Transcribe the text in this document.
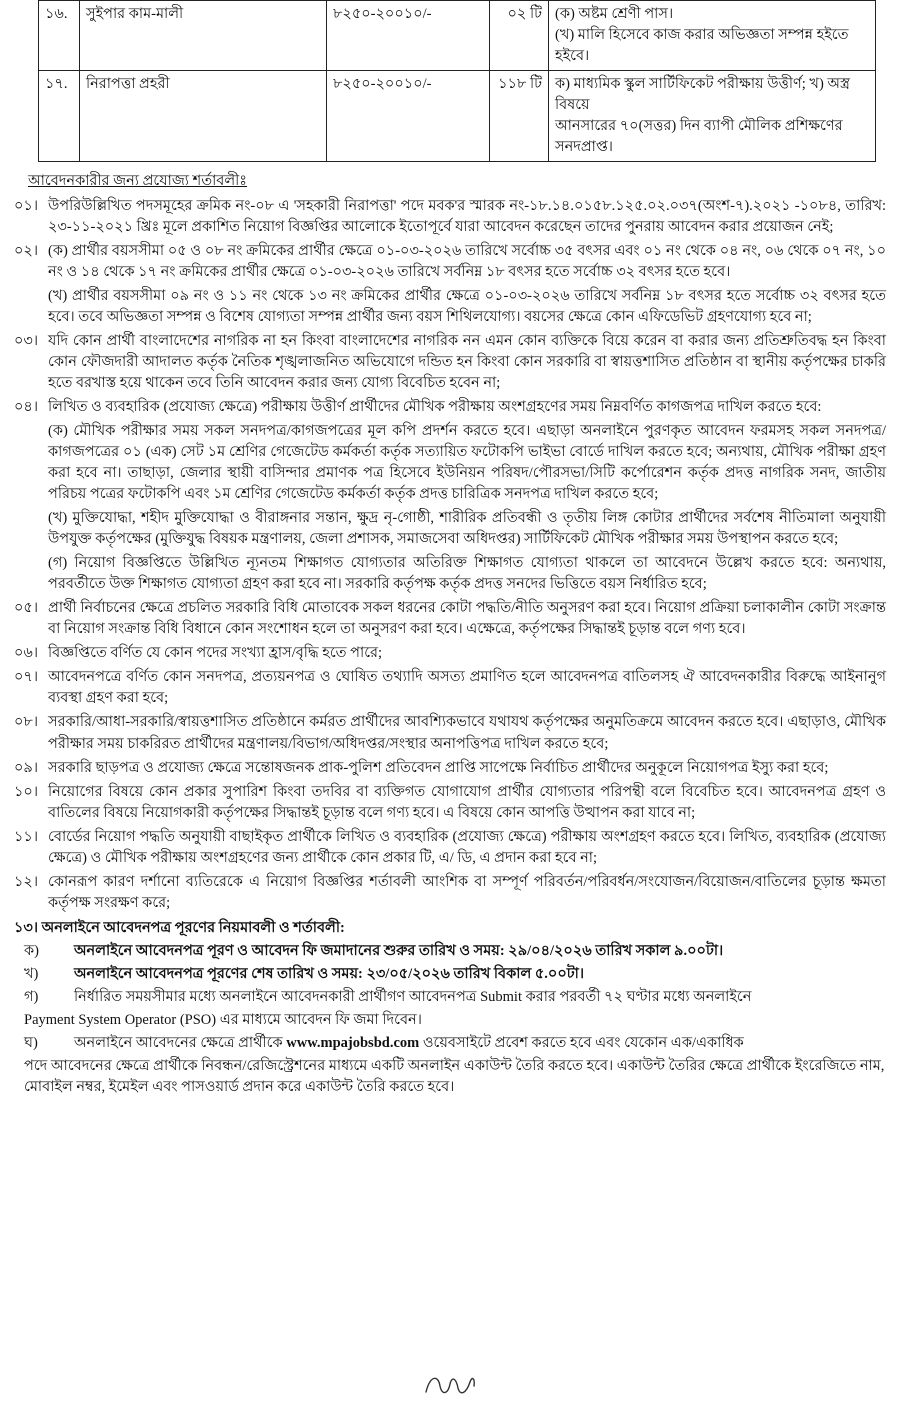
১৬.	সুইপার কাম-মালী	৮২৫০-২০০১০/-	০২ টি	(ক) অষ্টম শ্রেণী পাস।
(খ) মালি হিসেবে কাজ করার অভিজ্ঞতা সম্পন্ন হইতে হইবে।

১৭.	নিরাপত্তা প্রহরী	৮২৫০-২০০১০/-	১১৮ টি	ক) মাধ্যমিক স্কুল সার্টিফিকেট পরীক্ষায় উত্তীর্ণ; খ) অস্ত্র বিষয়ে
আনসারের ৭০(সত্তর) দিন ব্যাপী মৌলিক প্রশিক্ষণের সনদপ্রাপ্ত।
আবেদনকারীর জন্য প্রযোজ্য শর্তাবলীঃ
০১। উপরিউল্লিখিত পদসমূহের ক্রমিক নং-০৮ এ 'সহকারী নিরাপত্তা' পদে মবক'র স্মারক নং-১৮.১৪.০১৫৮.১২৫.০২.০৩৭(অংশ-৭).২০২১ -১০৮৪, তারিখ: ২৩-১১-২০২১ খ্রিঃ মূলে প্রকাশিত নিয়োগ বিজ্ঞপ্তির আলোকে ইতোপূর্বে যারা আবেদন করেছেন তাদের পুনরায় আবেদন করার প্রয়োজন নেই;
০২। (ক) প্রার্থীর বয়সসীমা ০৫ ও ০৮ নং ক্রমিকের প্রার্থীর ক্ষেত্রে ০১-০৩-২০২৬ তারিখে সর্বোচ্চ ৩৫ বৎসর এবং ০১ নং থেকে ০৪ নং, ০৬ থেকে ০৭ নং, ১০ নং ও ১৪ থেকে ১৭ নং ক্রমিকের প্রার্থীর ক্ষেত্রে ০১-০৩-২০২৬ তারিখে সর্বনিম্ন ১৮ বৎসর হতে সর্বোচ্চ ৩২ বৎসর হতে হবে।
(খ) প্রার্থীর বয়সসীমা ০৯ নং ও ১১ নং থেকে ১৩ নং ক্রমিকের প্রার্থীর ক্ষেত্রে ০১-০৩-২০২৬ তারিখে সর্বনিম্ন ১৮ বৎসর হতে সর্বোচ্চ ৩২ বৎসর হতে হবে। তবে অভিজ্ঞতা সম্পন্ন ও বিশেষ যোগ্যতা সম্পন্ন প্রার্থীর জন্য বয়স শিথিলযোগ্য। বয়সের ক্ষেত্রে কোন এফিডেভিট গ্রহণযোগ্য হবে না;
০৩। যদি কোন প্রার্থী বাংলাদেশের নাগরিক না হন কিংবা বাংলাদেশের নাগরিক নন এমন কোন ব্যক্তিকে বিয়ে করেন বা করার জন্য প্রতিশ্রুতিবদ্ধ হন কিংবা কোন ফৌজদারী আদালত কর্তৃক নৈতিক শৃঙ্খলাজনিত অভিযোগে দন্ডিত হন কিংবা কোন সরকারি বা স্বায়ত্তশাসিত প্রতিষ্ঠান বা স্থানীয় কর্তৃপক্ষের চাকরি হতে বরখাস্ত হয়ে থাকেন তবে তিনি আবেদন করার জন্য যোগ্য বিবেচিত হবেন না;
০৪। লিখিত ও ব্যবহারিক (প্রযোজ্য ক্ষেত্রে) পরীক্ষায় উত্তীর্ণ প্রার্থীদের মৌখিক পরীক্ষায় অংশগ্রহণের সময় নিম্নবর্ণিত কাগজপত্র দাখিল করতে হবে:
(ক) মৌখিক পরীক্ষার সময় সকল সনদপত্র/কাগজপত্রের মূল কপি প্রদর্শন করতে হবে। এছাড়া অনলাইনে পুরণকৃত আবেদন ফরমসহ সকল সনদপত্র/কাগজপত্রের ০১ (এক) সেট ১ম শ্রেণির গেজেটেড কর্মকর্তা কর্তৃক সত্যায়িত ফটোকপি ভাইভা বোর্ডে দাখিল করতে হবে; অন্যথায়, মৌখিক পরীক্ষা গ্রহণ করা হবে না। তাছাড়া, জেলার স্থায়ী বাসিন্দার প্রমাণক পত্র হিসেবে ইউনিয়ন পরিষদ/পৌরসভা/সিটি কর্পোরেশন কর্তৃক প্রদত্ত নাগরিক সনদ, জাতীয় পরিচয় পত্রের ফটোকপি এবং ১ম শ্রেণির গেজেটেড কর্মকর্তা কর্তৃক প্রদত্ত চারিত্রিক সনদপত্র দাখিল করতে হবে;
(খ) মুক্তিযোদ্ধা, শহীদ মুক্তিযোদ্ধা ও বীরাঙ্গনার সন্তান, ক্ষুদ্র নৃ-গোষ্ঠী, শারীরিক প্রতিবন্ধী ও তৃতীয় লিঙ্গ কোটার প্রার্থীদের সর্বশেষ নীতিমালা অনুযায়ী উপযুক্ত কর্তৃপক্ষের (মুক্তিযুদ্ধ বিষয়ক মন্ত্রণালয়, জেলা প্রশাসক, সমাজসেবা অধিদপ্তর) সার্টিফিকেট মৌখিক পরীক্ষার সময় উপস্থাপন করতে হবে;
(গ) নিয়োগ বিজ্ঞপ্তিতে উল্লিখিত ন্যূনতম শিক্ষাগত যোগ্যতার অতিরিক্ত শিক্ষাগত যোগ্যতা থাকলে তা আবেদনে উল্লেখ করতে হবে: অন্যথায়, পরবর্তীতে উক্ত শিক্ষাগত যোগ্যতা গ্রহণ করা হবে না। সরকারি কর্তৃপক্ষ কর্তৃক প্রদত্ত সনদের ভিত্তিতে বয়স নির্ধারিত হবে;
০৫। প্রার্থী নির্বাচনের ক্ষেত্রে প্রচলিত সরকারি বিধি মোতাবেক সকল ধরনের কোটা পদ্ধতি/নীতি অনুসরণ করা হবে। নিয়োগ প্রক্রিয়া চলাকালীন কোটা সংক্রান্ত বা নিয়োগ সংক্রান্ত বিধি বিধানে কোন সংশোধন হলে তা অনুসরণ করা হবে। এক্ষেত্রে, কর্তৃপক্ষের সিদ্ধান্তই চূড়ান্ত বলে গণ্য হবে।
০৬। বিজ্ঞপ্তিতে বর্ণিত যে কোন পদের সংখ্যা হ্রাস/বৃদ্ধি হতে পারে;
০৭। আবেদনপত্রে বর্ণিত কোন সনদপত্র, প্রত্যয়নপত্র ও ঘোষিত তথ্যাদি অসত্য প্রমাণিত হলে আবেদনপত্র বাতিলসহ ঐ আবেদনকারীর বিরুদ্ধে আইনানুগ ব্যবস্থা গ্রহণ করা হবে;
০৮। সরকারি/আধা-সরকারি/স্বায়ত্তশাসিত প্রতিষ্ঠানে কর্মরত প্রার্থীদের আবশ্যিকভাবে যথাযথ কর্তৃপক্ষের অনুমতিক্রমে আবেদন করতে হবে। এছাড়াও, মৌখিক পরীক্ষার সময় চাকরিরত প্রার্থীদের মন্ত্রণালয়/বিভাগ/অধিদপ্তর/সংস্থার অনাপত্তিপত্র দাখিল করতে হবে;
০৯। সরকারি ছাড়পত্র ও প্রযোজ্য ক্ষেত্রে সন্তোষজনক প্রাক-পুলিশ প্রতিবেদন প্রাপ্তি সাপেক্ষে নির্বাচিত প্রার্থীদের অনুকূলে নিয়োগপত্র ইস্যু করা হবে;
১০। নিয়োগের বিষয়ে কোন প্রকার সুপারিশ কিংবা তদবির বা ব্যক্তিগত যোগাযোগ প্রার্থীর যোগ্যতার পরিপন্থী বলে বিবেচিত হবে। আবেদনপত্র গ্রহণ ও বাতিলের বিষয়ে নিয়োগকারী কর্তৃপক্ষের সিদ্ধান্তই চূড়ান্ত বলে গণ্য হবে। এ বিষয়ে কোন আপত্তি উত্থাপন করা যাবে না;
১১। বোর্ডের নিয়োগ পদ্ধতি অনুযায়ী বাছাইকৃত প্রার্থীকে লিখিত ও ব্যবহারিক (প্রযোজ্য ক্ষেত্রে) পরীক্ষায় অংশগ্রহণ করতে হবে। লিখিত, ব্যবহারিক (প্রযোজ্য ক্ষেত্রে) ও মৌখিক পরীক্ষায় অংশগ্রহণের জন্য প্রার্থীকে কোন প্রকার টি, এ/ ডি, এ প্রদান করা হবে না;
১২। কোনরূপ কারণ দর্শানো ব্যতিরেকে এ নিয়োগ বিজ্ঞপ্তির শর্তাবলী আংশিক বা সম্পূর্ণ পরিবর্তন/পরিবর্ধন/সংযোজন/বিয়োজন/বাতিলের চূড়ান্ত ক্ষমতা কর্তৃপক্ষ সংরক্ষণ করে;
১৩। অনলাইনে আবেদনপত্র পূরণের নিয়মাবলী ও শর্তাবলী:
ক)	অনলাইনে আবেদনপত্র পূরণ ও আবেদন ফি জমাদানের শুরুর তারিখ ও সময়: ২৯/০৪/২০২৬ তারিখ সকাল ৯.০০টা।
খ)	অনলাইনে আবেদনপত্র পূরণের শেষ তারিখ ও সময়: ২৩/০৫/২০২৬ তারিখ বিকাল ৫.০০টা।
গ)	নির্ধারিত সময়সীমার মধ্যে অনলাইনে আবেদনকারী প্রার্থীগণ আবেদনপত্র Submit করার পরবর্তী ৭২ ঘণ্টার মধ্যে অনলাইনে
Payment System Operator (PSO) এর মাধ্যমে আবেদন ফি জমা দিবেন।
ঘ)	অনলাইনে আবেদনের ক্ষেত্রে প্রার্থীকে www.mpajobsbd.com ওয়েবসাইটে প্রবেশ করতে হবে এবং যেকোন এক/একাধিক
পদে আবেদনের ক্ষেত্রে প্রার্থীকে নিবন্ধন/রেজিস্ট্রেশনের মাধ্যমে একটি অনলাইন একাউন্ট তৈরি করতে হবে। একাউন্ট তৈরির ক্ষেত্রে প্রার্থীকে ইংরেজিতে নাম, মোবাইল নম্বর, ইমেইল এবং পাসওয়ার্ড প্রদান করে একাউন্ট তৈরি করতে হবে।
